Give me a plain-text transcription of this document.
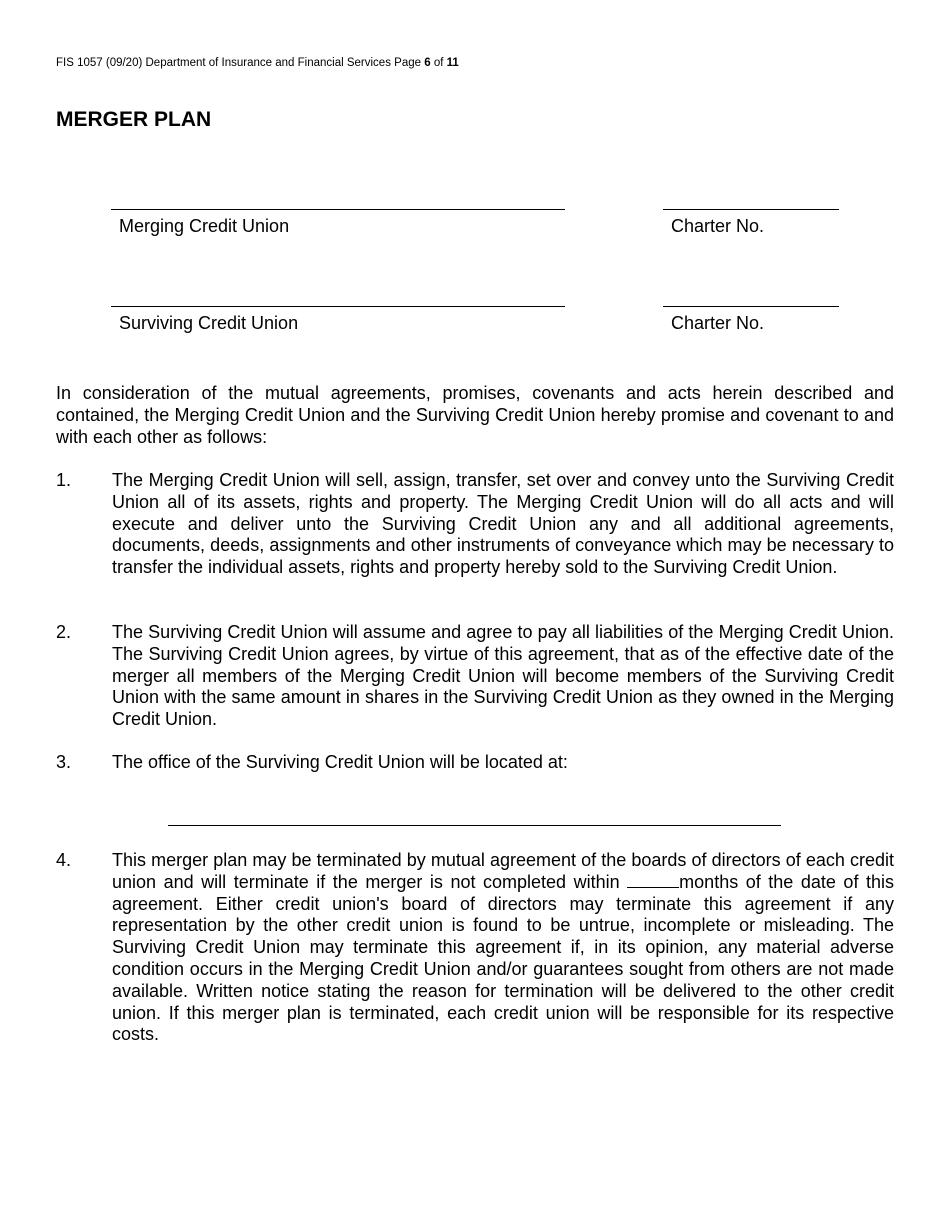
FIS 1057 (09/20) Department of Insurance and Financial Services Page 6 of 11
MERGER PLAN
Merging Credit Union	Charter No.
Surviving Credit Union	Charter No.

In consideration of the mutual agreements, promises, covenants and acts herein described and contained, the Merging Credit Union and the Surviving Credit Union hereby promise and covenant to and with each other as follows:

1. The Merging Credit Union will sell, assign, transfer, set over and convey unto the Surviving Credit Union all of its assets, rights and property. The Merging Credit Union will do all acts and will execute and deliver unto the Surviving Credit Union any and all additional agreements, documents, deeds, assignments and other instruments of conveyance which may be necessary to transfer the individual assets, rights and property hereby sold to the Surviving Credit Union.
2. The Surviving Credit Union will assume and agree to pay all liabilities of the Merging Credit Union. The Surviving Credit Union agrees, by virtue of this agreement, that as of the effective date of the merger all members of the Merging Credit Union will become members of the Surviving Credit Union with the same amount in shares in the Surviving Credit Union as they owned in the Merging Credit Union.
3. The office of the Surviving Credit Union will be located at:
4. This merger plan may be terminated by mutual agreement of the boards of directors of each credit union and will terminate if the merger is not completed within	months of the date of this agreement. Either credit union's board of directors may terminate this agreement if any representation by the other credit union is found to be untrue, incomplete or misleading. The Surviving Credit Union may terminate this agreement if, in its opinion, any material adverse condition occurs in the Merging Credit Union and/or guarantees sought from others are not made available. Written notice stating the reason for termination will be delivered to the other credit union. If this merger plan is terminated, each credit union will be responsible for its respective costs.
